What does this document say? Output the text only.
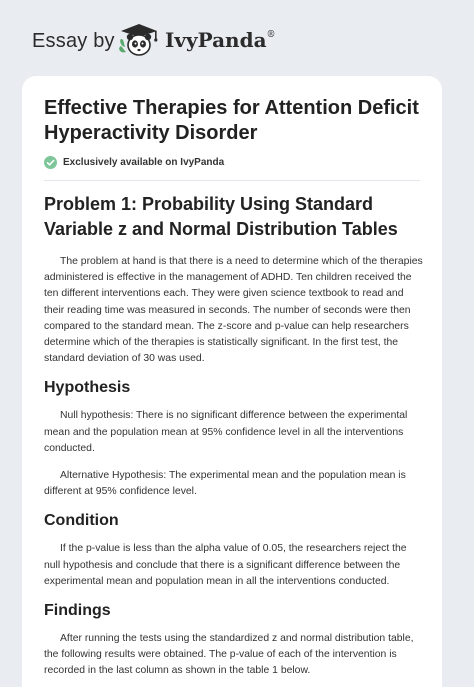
Essay by	IvyPanda®
Effective Therapies for Attention Deficit Hyperactivity Disorder
Exclusively available on IvyPanda
Problem 1: Probability Using Standard Variable z and Normal Distribution Tables

The problem at hand is that there is a need to determine which of the therapies administered is effective in the management of ADHD. Ten children received the ten different interventions each. They were given science textbook to read and their reading time was measured in seconds. The number of seconds were then compared to the standard mean. The z-score and p-value can help researchers determine which of the therapies is statistically significant. In the first test, the standard deviation of 30 was used.

Hypothesis

Null hypothesis: There is no significant difference between the experimental mean and the population mean at 95% confidence level in all the interventions conducted.

Alternative Hypothesis: The experimental mean and the population mean is different at 95% confidence level.

Condition

If the p-value is less than the alpha value of 0.05, the researchers reject the null hypothesis and conclude that there is a significant difference between the experimental mean and population mean in all the interventions conducted.

Findings

After running the tests using the standardized z and normal distribution table, the following results were obtained. The p-value of each of the intervention is recorded in the last column as shown in the table 1 below.
